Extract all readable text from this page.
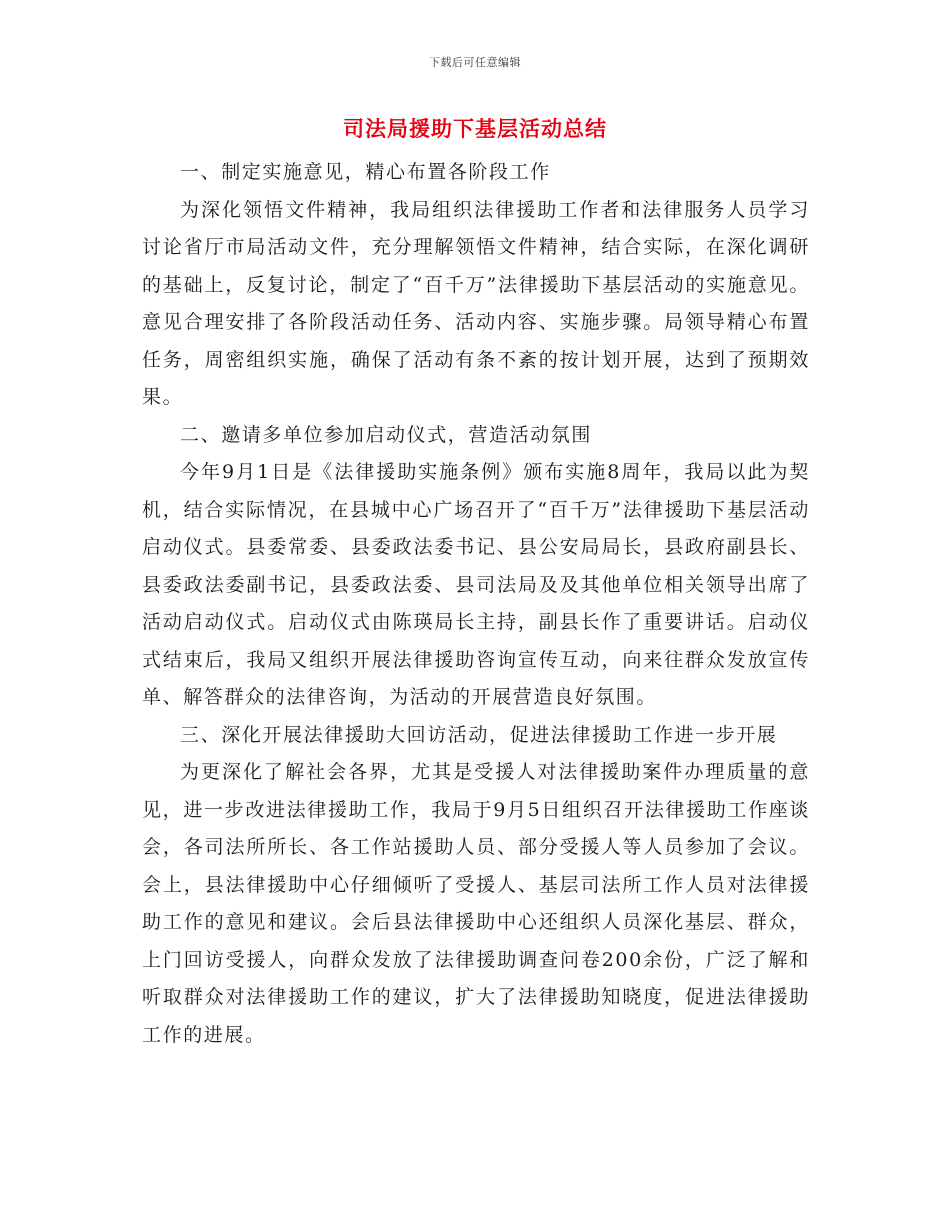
下载后可任意编辑
司法局援助下基层活动总结

一、制定实施意见，精心布置各阶段工作

为深化领悟文件精神，我局组织法律援助工作者和法律服务人员学习讨论省厅市局活动文件，充分理解领悟文件精神，结合实际，在深化调研的基础上，反复讨论，制定了“百千万”法律援助下基层活动的实施意见。意见合理安排了各阶段活动任务、活动内容、实施步骤。局领导精心布置任务，周密组织实施，确保了活动有条不紊的按计划开展，达到了预期效果。

二、邀请多单位参加启动仪式，营造活动氛围

今年9月1日是《法律援助实施条例》颁布实施8周年，我局以此为契机，结合实际情况，在县城中心广场召开了“百千万”法律援助下基层活动启动仪式。县委常委、县委政法委书记、县公安局局长，县政府副县长、县委政法委副书记，县委政法委、县司法局及及其他单位相关领导出席了活动启动仪式。启动仪式由陈瑛局长主持，副县长作了重要讲话。启动仪式结束后，我局又组织开展法律援助咨询宣传互动，向来往群众发放宣传单、解答群众的法律咨询，为活动的开展营造良好氛围。

三、深化开展法律援助大回访活动，促进法律援助工作进一步开展

为更深化了解社会各界，尤其是受援人对法律援助案件办理质量的意见，进一步改进法律援助工作，我局于9月5日组织召开法律援助工作座谈会，各司法所所长、各工作站援助人员、部分受援人等人员参加了会议。会上，县法律援助中心仔细倾听了受援人、基层司法所工作人员对法律援助工作的意见和建议。会后县法律援助中心还组织人员深化基层、群众，上门回访受援人，向群众发放了法律援助调查问卷200余份，广泛了解和听取群众对法律援助工作的建议，扩大了法律援助知晓度，促进法律援助工作的进展。
